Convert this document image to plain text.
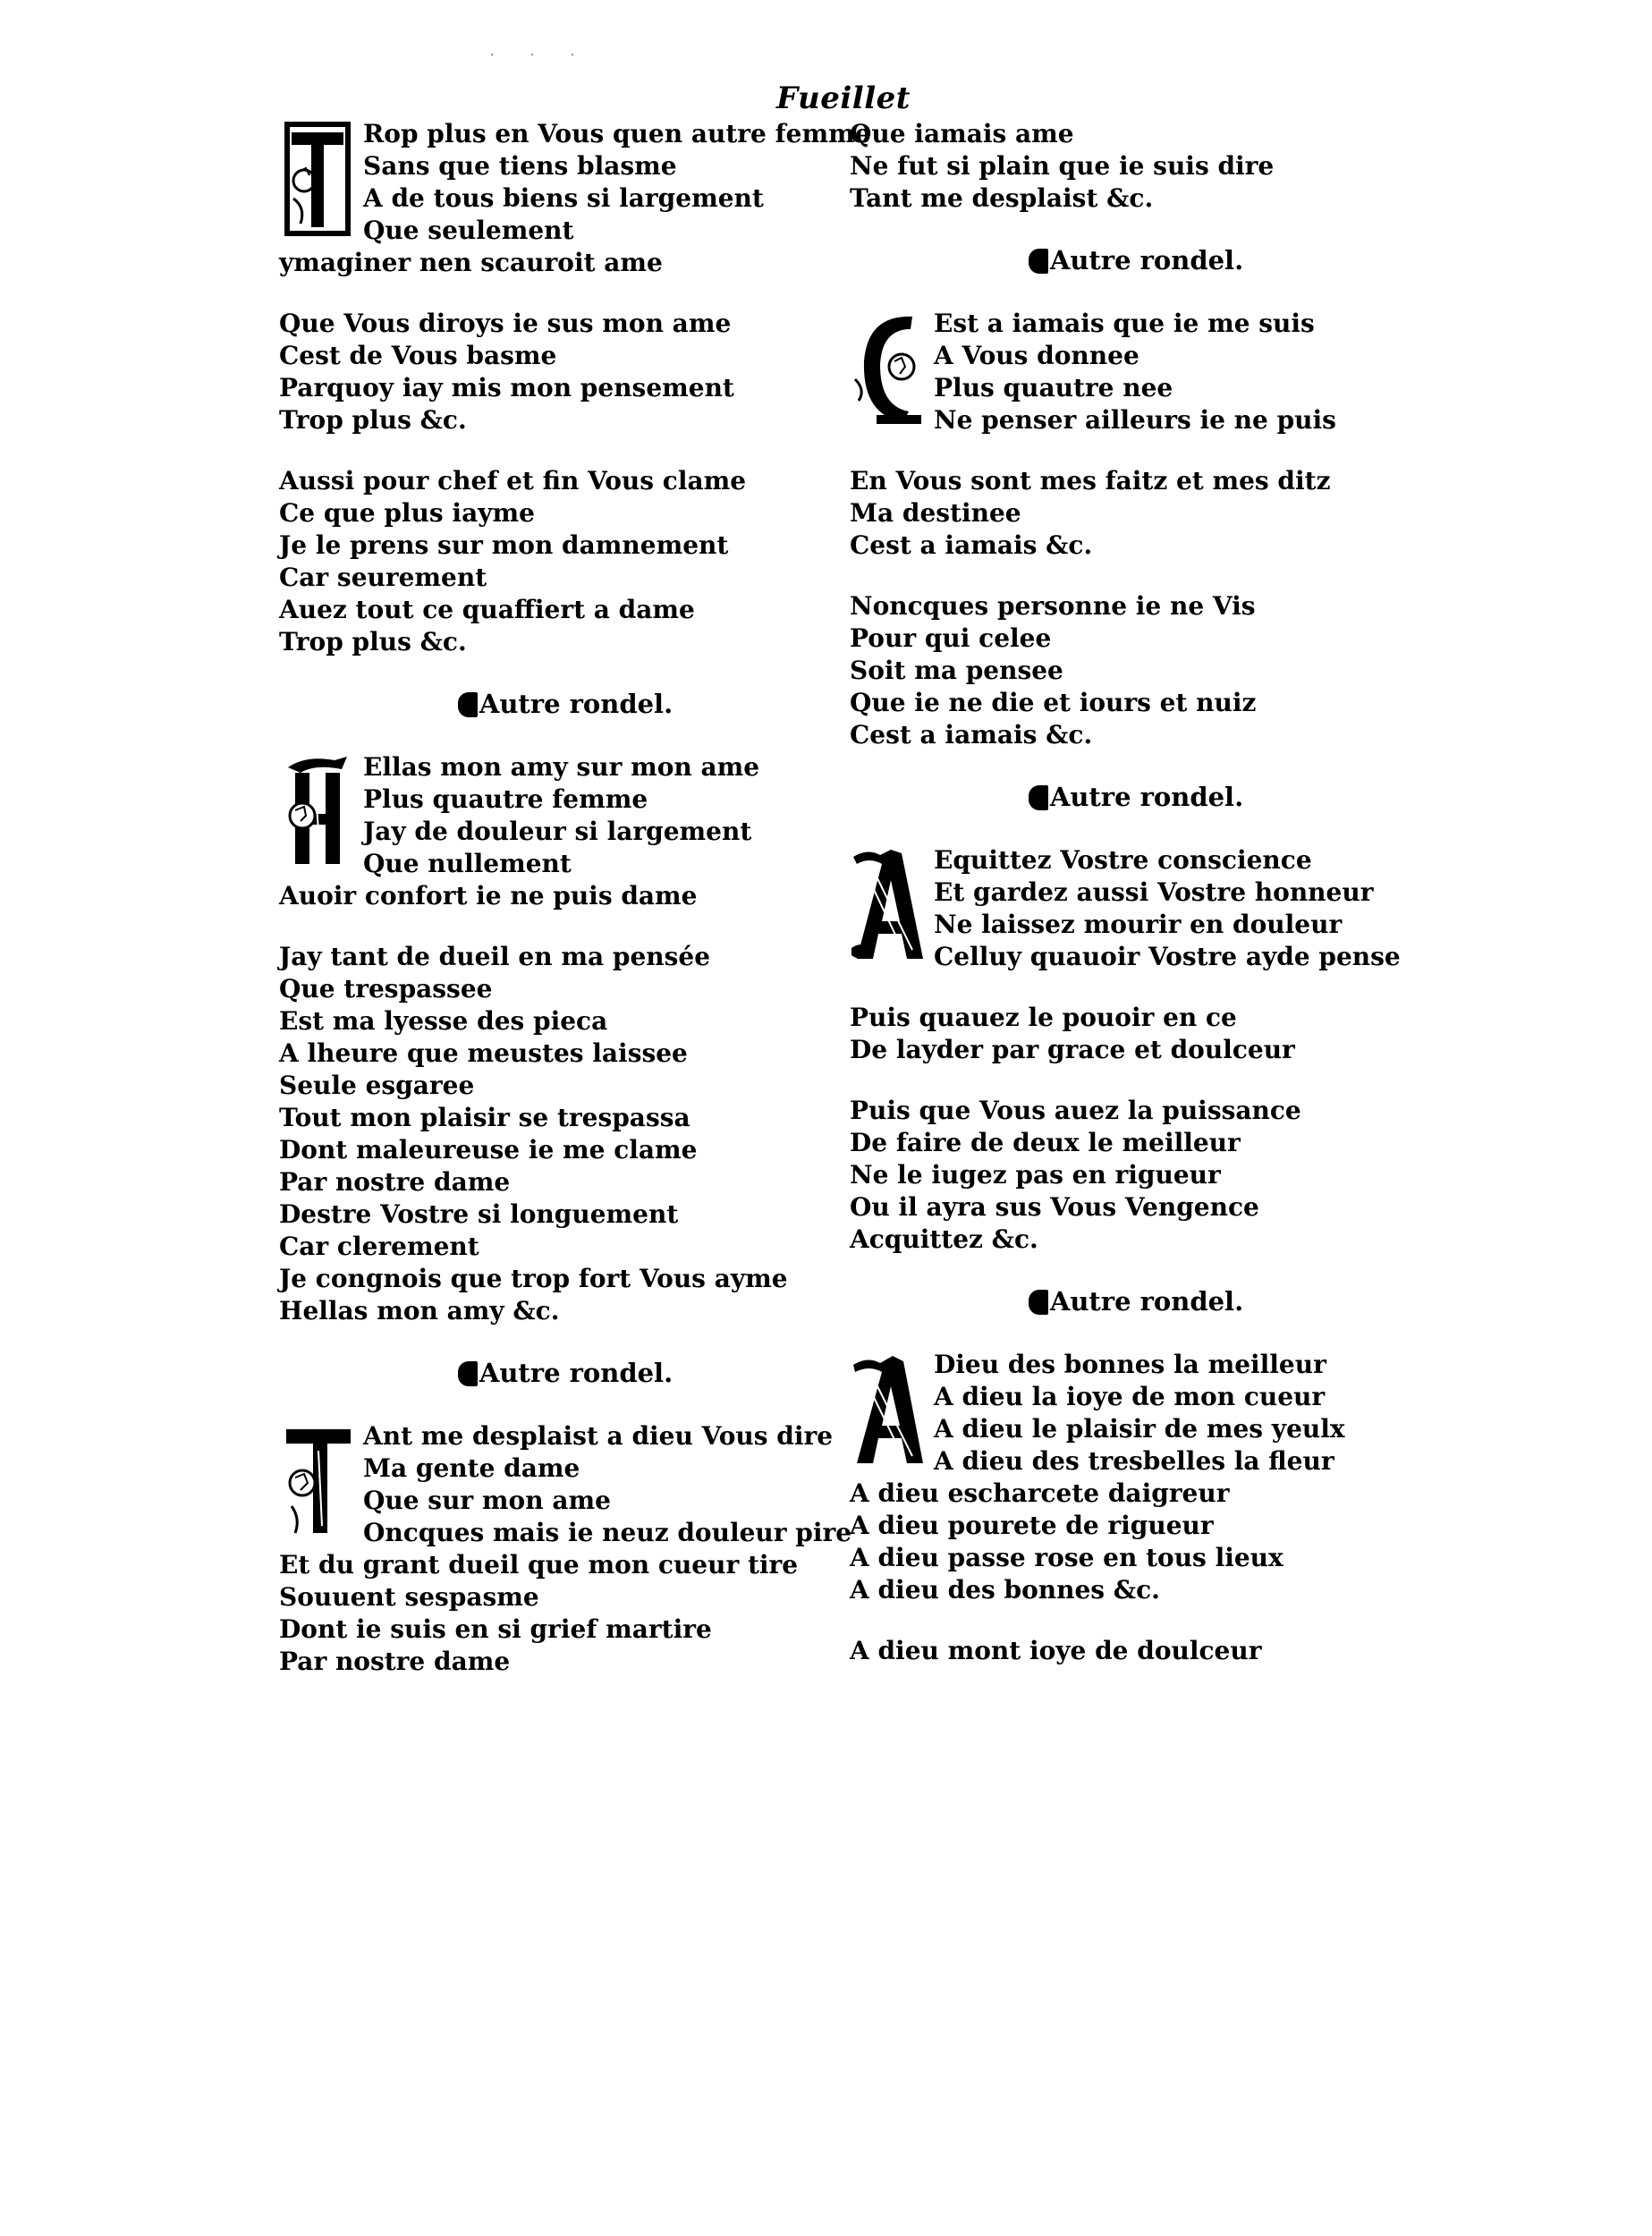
· · ·
Fueillet
Rop plus en Vous quen autre femme
Sans que tiens blasme
A de tous biens si largement
Que seulement
ymaginer nen scauroit ame
Que Vous diroys ie sus mon ame
Cest de Vous basme
Parquoy iay mis mon pensement
Trop plus &c.
Aussi pour chef et fin Vous clame
Ce que plus iayme
Je le prens sur mon damnement
Car seurement
Auez tout ce quaffiert a dame
Trop plus &c.
Autre rondel.
Ellas mon amy sur mon ame
Plus quautre femme
Jay de douleur si largement
Que nullement
Auoir confort ie ne puis dame
Jay tant de dueil en ma pensée
Que trespassee
Est ma lyesse des pieca
A lheure que meustes laissee
Seule esgaree
Tout mon plaisir se trespassa
Dont maleureuse ie me clame
Par nostre dame
Destre Vostre si longuement
Car clerement
Je congnois que trop fort Vous ayme
Hellas mon amy &c.
Autre rondel.
Ant me desplaist a dieu Vous dire
Ma gente dame
Que sur mon ame
Oncques mais ie neuz douleur pire
Et du grant dueil que mon cueur tire
Souuent sespasme
Dont ie suis en si grief martire
Par nostre dame
Que iamais ame
Ne fut si plain que ie suis dire
Tant me desplaist &c.
Autre rondel.
Est a iamais que ie me suis
A Vous donnee
Plus quautre nee
Ne penser ailleurs ie ne puis
En Vous sont mes faitz et mes ditz
Ma destinee
Cest a iamais &c.
Noncques personne ie ne Vis
Pour qui celee
Soit ma pensee
Que ie ne die et iours et nuiz
Cest a iamais &c.
Autre rondel.
Equittez Vostre conscience
Et gardez aussi Vostre honneur
Ne laissez mourir en douleur
Celluy quauoir Vostre ayde pense
Puis quauez le pouoir en ce
De layder par grace et doulceur
Puis que Vous auez la puissance
De faire de deux le meilleur
Ne le iugez pas en rigueur
Ou il ayra sus Vous Vengence
Acquittez &c.
Autre rondel.
Dieu des bonnes la meilleur
A dieu la ioye de mon cueur
A dieu le plaisir de mes yeulx
A dieu des tresbelles la fleur
A dieu escharcete daigreur
A dieu pourete de rigueur
A dieu passe rose en tous lieux
A dieu des bonnes &c.
A dieu mont ioye de doulceur
